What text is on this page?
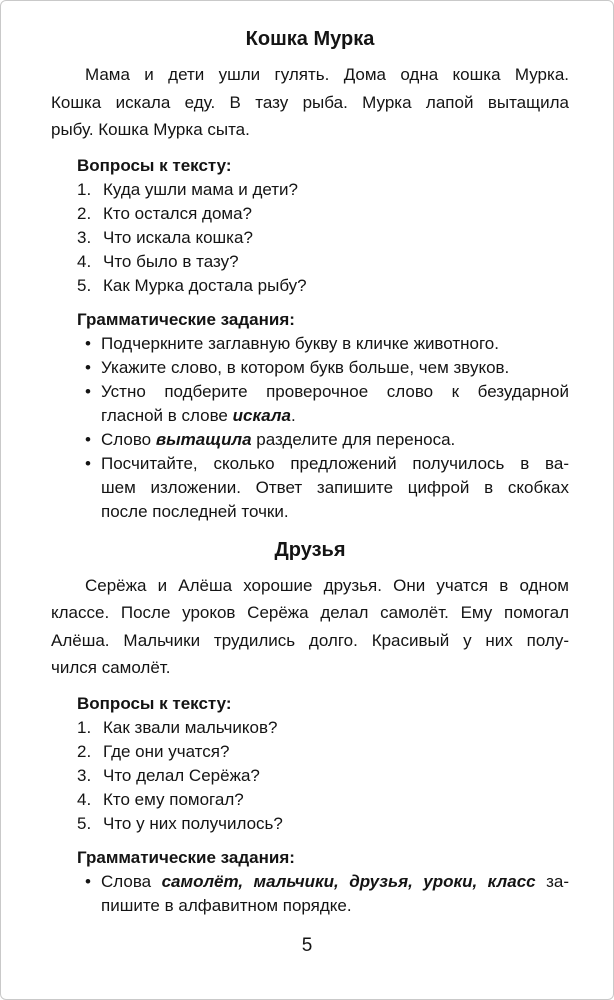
Кошка Мурка
Мама и дети ушли гулять. Дома одна кошка Мурка.
Кошка искала еду. В тазу рыба. Мурка лапой вытащила
рыбу. Кошка Мурка сыта.
Вопросы к тексту:
1. Куда ушли мама и дети?
2. Кто остался дома?
3. Что искала кошка?
4. Что было в тазу?
5. Как Мурка достала рыбу?
Грамматические задания:
• Подчеркните заглавную букву в кличке животного.
• Укажите слово, в котором букв больше, чем звуков.
• Устно подберите проверочное слово к безударной
гласной в слове искала.
• Слово вытащила разделите для переноса.
• Посчитайте, сколько предложений получилось в ва-
шем изложении. Ответ запишите цифрой в скобках
после последней точки.
Друзья
Серёжа и Алёша хорошие друзья. Они учатся в одном
классе. После уроков Серёжа делал самолёт. Ему помогал
Алёша. Мальчики трудились долго. Красивый у них полу-
чился самолёт.
Вопросы к тексту:
1. Как звали мальчиков?
2. Где они учатся?
3. Что делал Серёжа?
4. Кто ему помогал?
5. Что у них получилось?
Грамматические задания:
• Слова самолёт, мальчики, друзья, уроки, класс за-
пишите в алфавитном порядке.
5
